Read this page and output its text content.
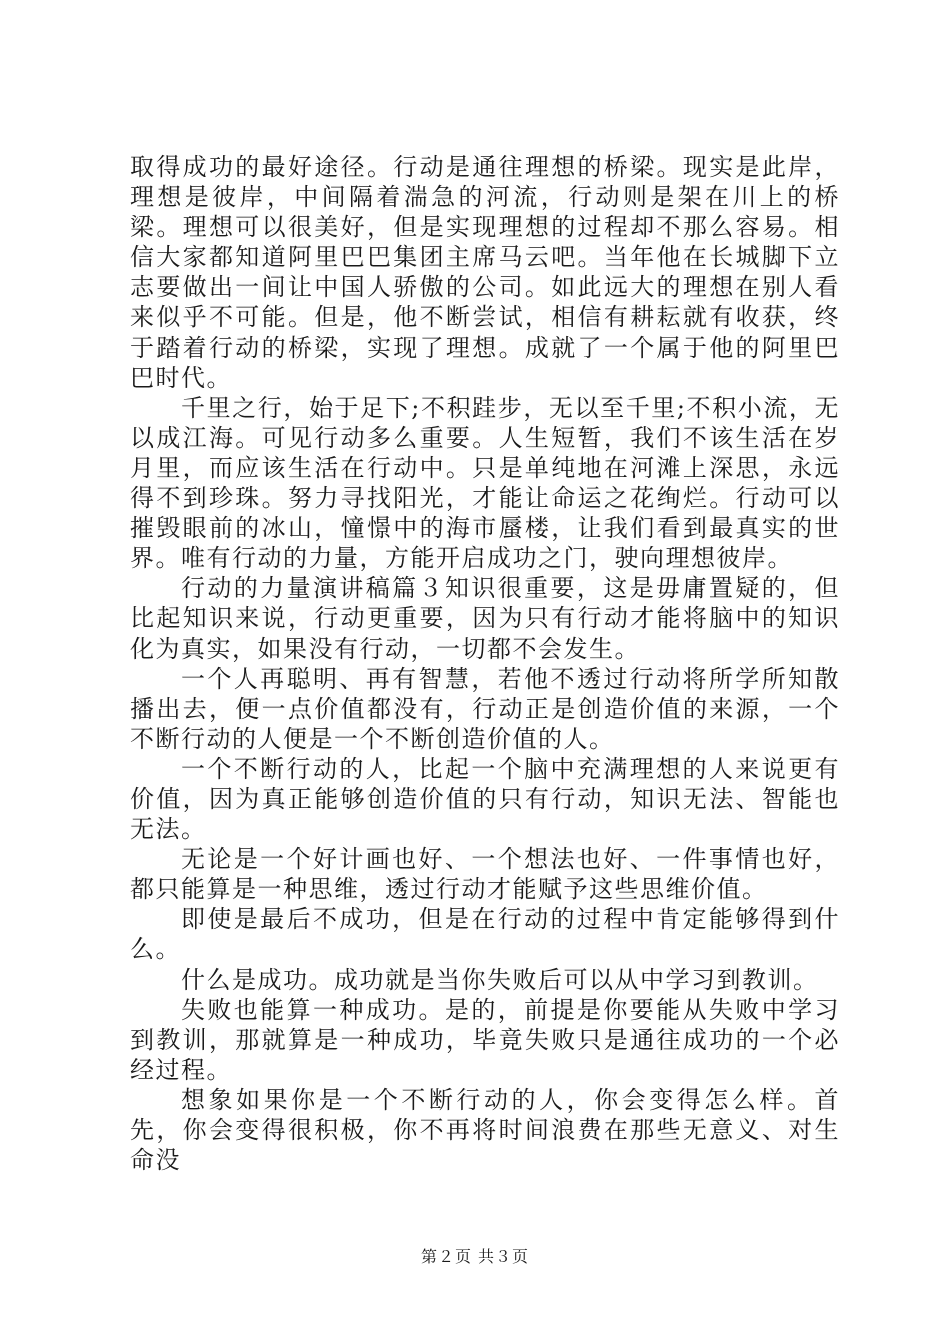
取得成功的最好途径。行动是通往理想的桥梁。现实是此岸，理想是彼岸，中间隔着湍急的河流，行动则是架在川上的桥梁。理想可以很美好，但是实现理想的过程却不那么容易。相信大家都知道阿里巴巴集团主席马云吧。当年他在长城脚下立志要做出一间让中国人骄傲的公司。如此远大的理想在别人看来似乎不可能。但是，他不断尝试，相信有耕耘就有收获，终于踏着行动的桥梁，实现了理想。成就了一个属于他的阿里巴巴时代。

千里之行，始于足下;不积跬步，无以至千里;不积小流，无以成江海。可见行动多么重要。人生短暂，我们不该生活在岁月里，而应该生活在行动中。只是单纯地在河滩上深思，永远得不到珍珠。努力寻找阳光，才能让命运之花绚烂。行动可以摧毁眼前的冰山，憧憬中的海市蜃楼，让我们看到最真实的世界。唯有行动的力量，方能开启成功之门，驶向理想彼岸。

行动的力量演讲稿篇３知识很重要，这是毋庸置疑的，但比起知识来说，行动更重要，因为只有行动才能将脑中的知识化为真实，如果没有行动，一切都不会发生。

一个人再聪明、再有智慧，若他不透过行动将所学所知散播出去，便一点价值都没有，行动正是创造价值的来源，一个不断行动的人便是一个不断创造价值的人。

一个不断行动的人，比起一个脑中充满理想的人来说更有价值，因为真正能够创造价值的只有行动，知识无法、智能也无法。

无论是一个好计画也好、一个想法也好、一件事情也好，都只能算是一种思维，透过行动才能赋予这些思维价值。

即使是最后不成功，但是在行动的过程中肯定能够得到什么。

什么是成功。成功就是当你失败后可以从中学习到教训。

失败也能算一种成功。是的，前提是你要能从失败中学习到教训，那就算是一种成功，毕竟失败只是通往成功的一个必经过程。

想象如果你是一个不断行动的人，你会变得怎么样。首先，你会变得很积极，你不再将时间浪费在那些无意义、对生命没

第２页 共３页
